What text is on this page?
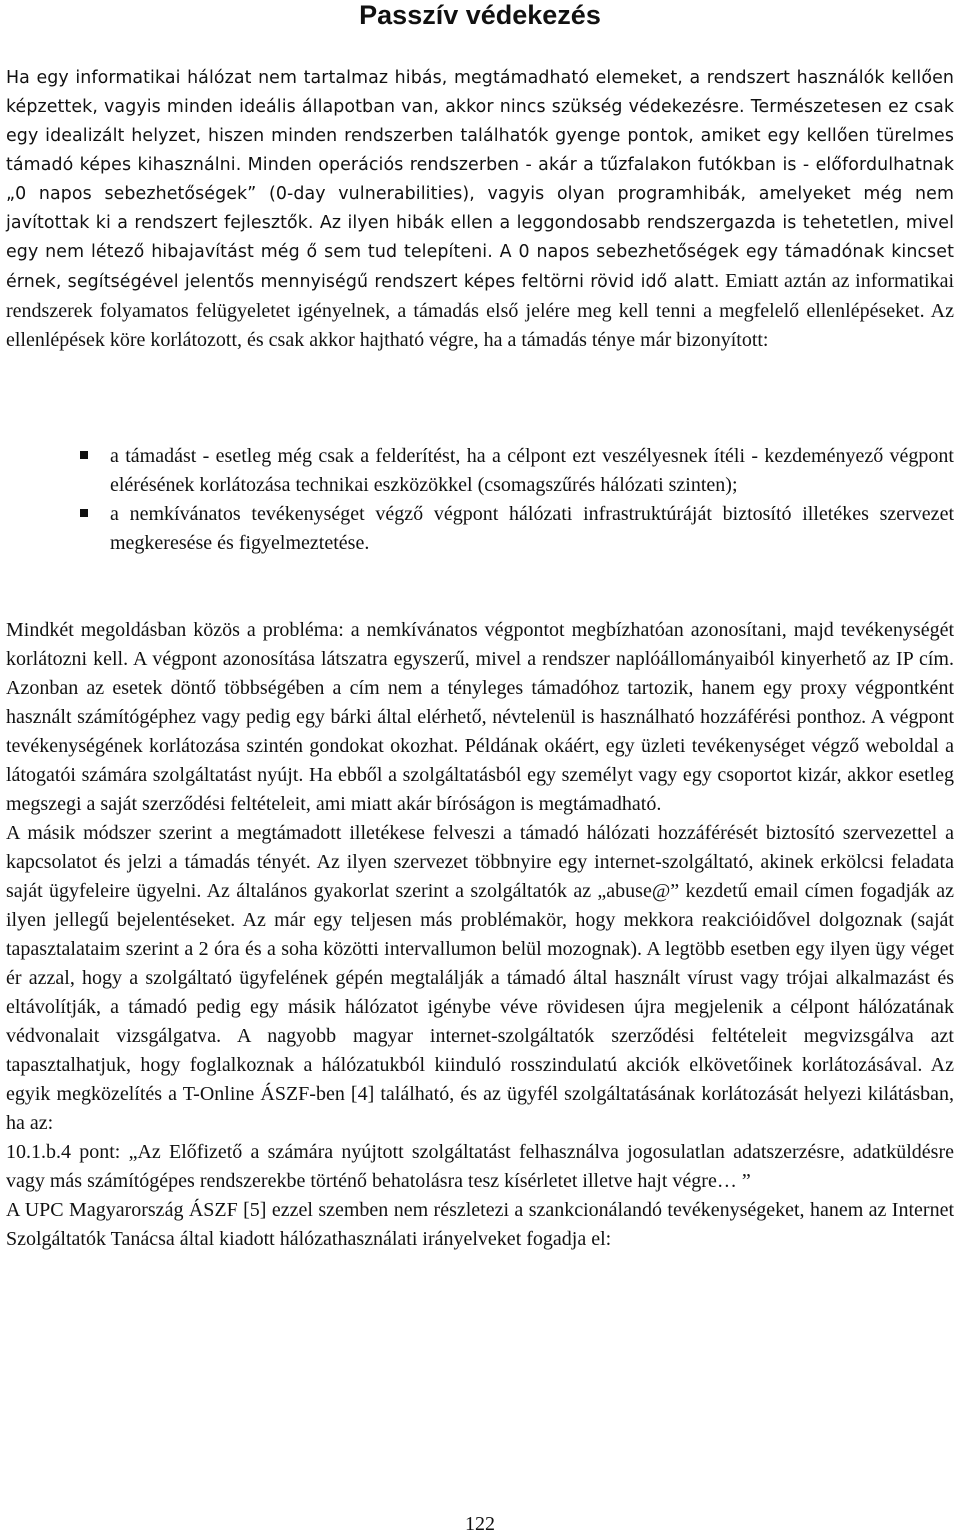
Passzív védekezés
Ha egy informatikai hálózat nem tartalmaz hibás, megtámadható elemeket, a rendszert használók kellően képzettek, vagyis minden ideális állapotban van, akkor nincs szükség védekezésre. Természetesen ez csak egy idealizált helyzet, hiszen minden rendszerben találhatók gyenge pontok, amiket egy kellően türelmes támadó képes kihasználni. Minden operációs rendszerben - akár a tűzfalakon futókban is - előfordulhatnak „0 napos sebezhetőségek” (0-day vulnerabilities), vagyis olyan programhibák, amelyeket még nem javítottak ki a rendszert fejlesztők. Az ilyen hibák ellen a leggondosabb rendszergazda is tehetetlen, mivel egy nem létező hibajavítást még ő sem tud telepíteni. A 0 napos sebezhetőségek egy támadónak kincset érnek, segítségével jelentős mennyiségű rendszert képes feltörni rövid idő alatt. Emiatt aztán az informatikai rendszerek folyamatos felügyeletet igényelnek, a támadás első jelére meg kell tenni a megfelelő ellenlépéseket. Az ellenlépések köre korlátozott, és csak akkor hajtható végre, ha a támadás ténye már bizonyított:
a támadást - esetleg még csak a felderítést, ha a célpont ezt veszélyesnek ítéli - kezdeményező végpont elérésének korlátozása technikai eszközökkel (csomagszűrés hálózati szinten);
a nemkívánatos tevékenységet végző végpont hálózati infrastruktúráját biztosító illetékes szervezet megkeresése és figyelmeztetése.
Mindkét megoldásban közös a probléma: a nemkívánatos végpontot megbízhatóan azonosítani, majd tevékenységét korlátozni kell. A végpont azonosítása látszatra egyszerű, mivel a rendszer naplóállományaiból kinyerhető az IP cím. Azonban az esetek döntő többségében a cím nem a tényleges támadóhoz tartozik, hanem egy proxy végpontként használt számítógéphez vagy pedig egy bárki által elérhető, névtelenül is használható hozzáférési ponthoz. A végpont tevékenységének korlátozása szintén gondokat okozhat. Példának okáért, egy üzleti tevékenységet végző weboldal a látogatói számára szolgáltatást nyújt. Ha ebből a szolgáltatásból egy személyt vagy egy csoportot kizár, akkor esetleg megszegi a saját szerződési feltételeit, ami miatt akár bíróságon is megtámadható.
A másik módszer szerint a megtámadott illetékese felveszi a támadó hálózati hozzáférését biztosító szervezettel a kapcsolatot és jelzi a támadás tényét. Az ilyen szervezet többnyire egy internet-szolgáltató, akinek erkölcsi feladata saját ügyfeleire ügyelni. Az általános gyakorlat szerint a szolgáltatók az „abuse@” kezdetű email címen fogadják az ilyen jellegű bejelentéseket. Az már egy teljesen más problémakör, hogy mekkora reakcióidővel dolgoznak (saját tapasztalataim szerint a 2 óra és a soha közötti intervallumon belül mozognak). A legtöbb esetben egy ilyen ügy véget ér azzal, hogy a szolgáltató ügyfelének gépén megtalálják a támadó által használt vírust vagy trójai alkalmazást és eltávolítják, a támadó pedig egy másik hálózatot igénybe véve rövidesen újra megjelenik a célpont hálózatának védvonalait vizsgálgatva. A nagyobb magyar internet-szolgáltatók szerződési feltételeit megvizsgálva azt tapasztalhatjuk, hogy foglalkoznak a hálózatukból kiinduló rosszindulatú akciók elkövetőinek korlátozásával. Az egyik megközelítés a T-Online ÁSZF-ben [4] található, és az ügyfél szolgáltatásának korlátozását helyezi kilátásban, ha az:
10.1.b.4 pont: „Az Előfizető a számára nyújtott szolgáltatást felhasználva jogosulatlan adatszerzésre, adatküldésre vagy más számítógépes rendszerekbe történő behatolásra tesz kísérletet illetve hajt végre… ”
A UPC Magyarország ÁSZF [5] ezzel szemben nem részletezi a szankcionálandó tevékenységeket, hanem az Internet Szolgáltatók Tanácsa által kiadott hálózathasználati irányelveket fogadja el:
122
